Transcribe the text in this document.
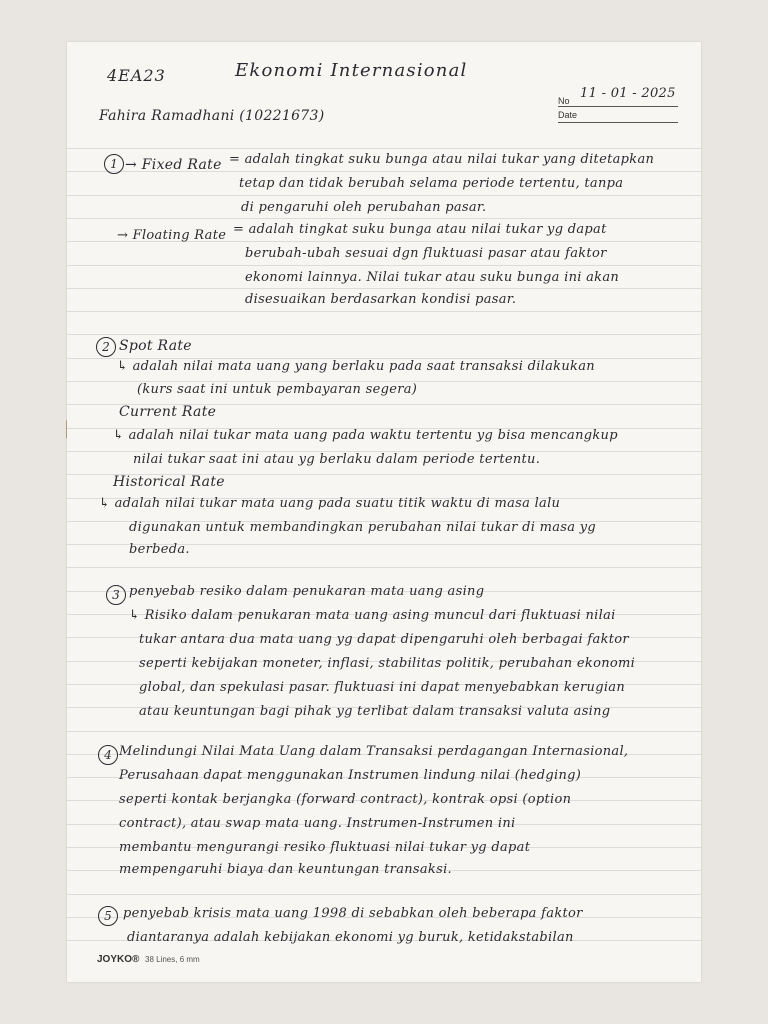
4EA23	Ekonomi Internasional
Fahira Ramadhani (10221673)
No 11 - 01 - 2025
Date
1 → Fixed Rate = adalah tingkat suku bunga atau nilai tukar yang ditetapkan
tetap dan tidak berubah selama periode tertentu, tanpa
di pengaruhi oleh perubahan pasar.
→ Floating Rate = adalah tingkat suku bunga atau nilai tukar yg dapat
berubah-ubah sesuai dgn fluktuasi pasar atau faktor
ekonomi lainnya. Nilai tukar atau suku bunga ini akan
disesuaikan berdasarkan kondisi pasar.
2 Spot Rate
↳ adalah nilai mata uang yang berlaku pada saat transaksi dilakukan
(kurs saat ini untuk pembayaran segera)
Current Rate
↳ adalah nilai tukar mata uang pada waktu tertentu yg bisa mencangkup
nilai tukar saat ini atau yg berlaku dalam periode tertentu.
Historical Rate
↳ adalah nilai tukar mata uang pada suatu titik waktu di masa lalu
digunakan untuk membandingkan perubahan nilai tukar di masa yg
berbeda.
3 penyebab resiko dalam penukaran mata uang asing
↳ Risiko dalam penukaran mata uang asing muncul dari fluktuasi nilai
tukar antara dua mata uang yg dapat dipengaruhi oleh berbagai faktor
seperti kebijakan moneter, inflasi, stabilitas politik, perubahan ekonomi
global, dan spekulasi pasar. fluktuasi ini dapat menyebabkan kerugian
atau keuntungan bagi pihak yg terlibat dalam transaksi valuta asing
4 Melindungi Nilai Mata Uang dalam Transaksi perdagangan Internasional,
Perusahaan dapat menggunakan Instrumen lindung nilai (hedging)
seperti kontak berjangka (forward contract), kontrak opsi (option
contract), atau swap mata uang. Instrumen-Instrumen ini
membantu mengurangi resiko fluktuasi nilai tukar yg dapat
mempengaruhi biaya dan keuntungan transaksi.
5 penyebab krisis mata uang 1998 di sebabkan oleh beberapa faktor
diantaranya adalah kebijakan ekonomi yg buruk, ketidakstabilan
JOYKO® 38 Lines, 6 mm
